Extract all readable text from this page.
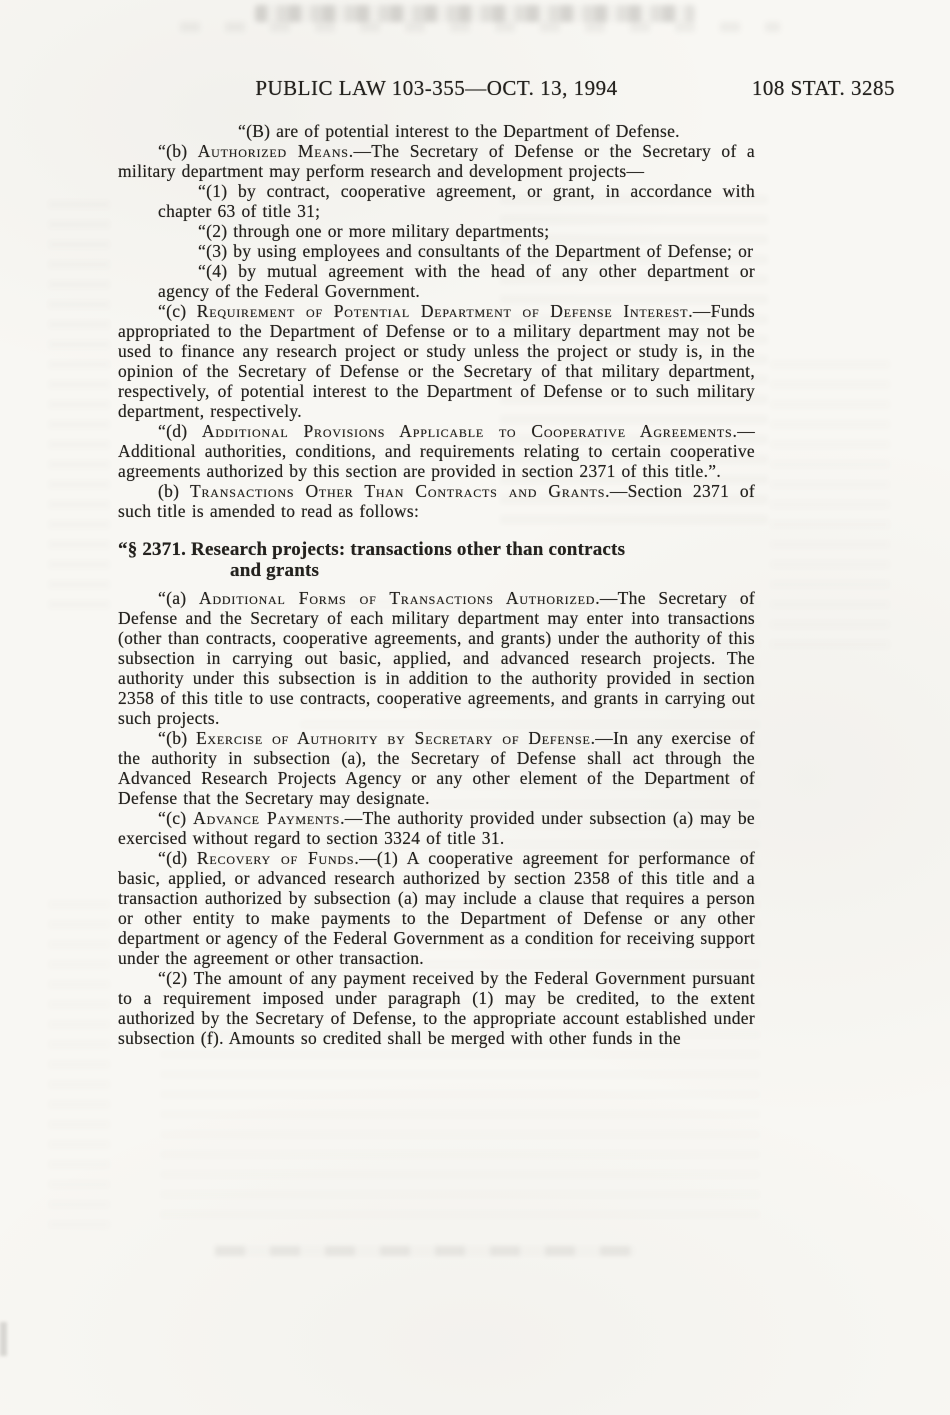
PUBLIC LAW 103-355—OCT. 13, 1994	108 STAT. 3285

“(B) are of potential interest to the Department of Defense.

“(b) Authorized Means.—The Secretary of Defense or the Secretary of a military department may perform research and development projects—

“(1) by contract, cooperative agreement, or grant, in accordance with chapter 63 of title 31;

“(2) through one or more military departments;

“(3) by using employees and consultants of the Department of Defense; or

“(4) by mutual agreement with the head of any other department or agency of the Federal Government.

“(c) Requirement of Potential Department of Defense Interest.—Funds appropriated to the Department of Defense or to a military department may not be used to finance any research project or study unless the project or study is, in the opinion of the Secretary of Defense or the Secretary of that military department, respectively, of potential interest to the Department of Defense or to such military department, respectively.

“(d) Additional Provisions Applicable to Cooperative Agreements.—Additional authorities, conditions, and requirements relating to certain cooperative agreements authorized by this section are provided in section 2371 of this title.”.

(b) Transactions Other Than Contracts and Grants.—Section 2371 of such title is amended to read as follows:

“§ 2371. Research projects: transactions other than contracts
and grants

“(a) Additional Forms of Transactions Authorized.—The Secretary of Defense and the Secretary of each military department may enter into transactions (other than contracts, cooperative agreements, and grants) under the authority of this subsection in carrying out basic, applied, and advanced research projects. The authority under this subsection is in addition to the authority provided in section 2358 of this title to use contracts, cooperative agreements, and grants in carrying out such projects.

“(b) Exercise of Authority by Secretary of Defense.—In any exercise of the authority in subsection (a), the Secretary of Defense shall act through the Advanced Research Projects Agency or any other element of the Department of Defense that the Secretary may designate.

“(c) Advance Payments.—The authority provided under subsection (a) may be exercised without regard to section 3324 of title 31.

“(d) Recovery of Funds.—(1) A cooperative agreement for performance of basic, applied, or advanced research authorized by section 2358 of this title and a transaction authorized by subsection (a) may include a clause that requires a person or other entity to make payments to the Department of Defense or any other department or agency of the Federal Government as a condition for receiving support under the agreement or other transaction.

“(2) The amount of any payment received by the Federal Government pursuant to a requirement imposed under paragraph (1) may be credited, to the extent authorized by the Secretary of Defense, to the appropriate account established under subsection (f). Amounts so credited shall be merged with other funds in the
